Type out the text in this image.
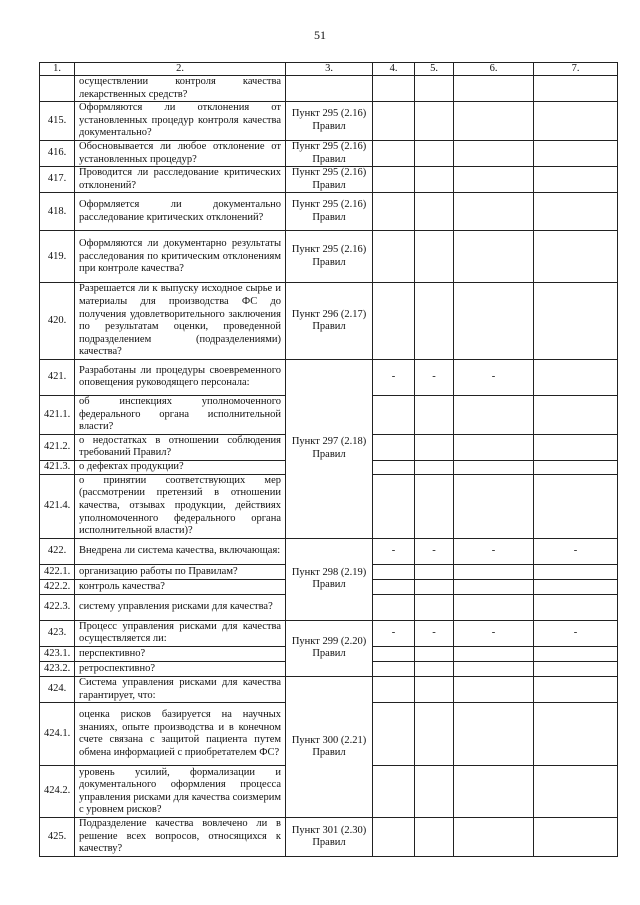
51
1.	2.	3.	4.	5.	6.	7.
	осуществлении контроля качества лекарственных средств?					
415.	Оформляются ли отклонения от установленных процедур контроля качества документально?	Пункт 295 (2.16) Правил				
416.	Обосновывается ли любое отклонение от установленных процедур?	Пункт 295 (2.16) Правил				
417.	Проводится ли расследование критических отклонений?	Пункт 295 (2.16) Правил				
418.	Оформляется ли документально расследование критических отклонений?	Пункт 295 (2.16) Правил				
419.	Оформляются ли документарно результаты расследования по критическим отклонениям при контроле качества?	Пункт 295 (2.16) Правил				
420.	Разрешается ли к выпуску исходное сырье и материалы для производства ФС до получения удовлетворительного заключения по результатам оценки, проведенной подразделением (подразделениями) качества?	Пункт 296 (2.17) Правил				
421.	Разработаны ли процедуры своевременного оповещения руководящего персонала:	Пункт 297 (2.18) Правил	-	-	-	
421.1.	об инспекциях уполномоченного федерального органа исполнительной власти?					
421.2.	о недостатках в отношении соблюдения требований Правил?					
421.3.	о дефектах продукции?					
421.4.	о принятии соответствующих мер (рассмотрении претензий в отношении качества, отзывах продукции, действиях уполномоченного федерального органа исполнительной власти)?					
422.	Внедрена ли система качества, включающая:	Пункт 298 (2.19) Правил	-	-	-	-
422.1.	организацию работы по Правилам?					
422.2.	контроль качества?					
422.3.	систему управления рисками для качества?					
423.	Процесс управления рисками для качества осуществляется ли:	Пункт 299 (2.20) Правил	-	-	-	-
423.1.	перспективно?					
423.2.	ретроспективно?					
424.	Система управления рисками для качества гарантирует, что:	Пункт 300 (2.21) Правил				
424.1.	оценка рисков базируется на научных знаниях, опыте производства и в конечном счете связана с защитой пациента путем обмена информацией с приобретателем ФС?					
424.2.	уровень усилий, формализации и документального оформления процесса управления рисками для качества соизмерим с уровнем рисков?					
425.	Подразделение качества вовлечено ли в решение всех вопросов, относящихся к качеству?	Пункт 301 (2.30) Правил				
